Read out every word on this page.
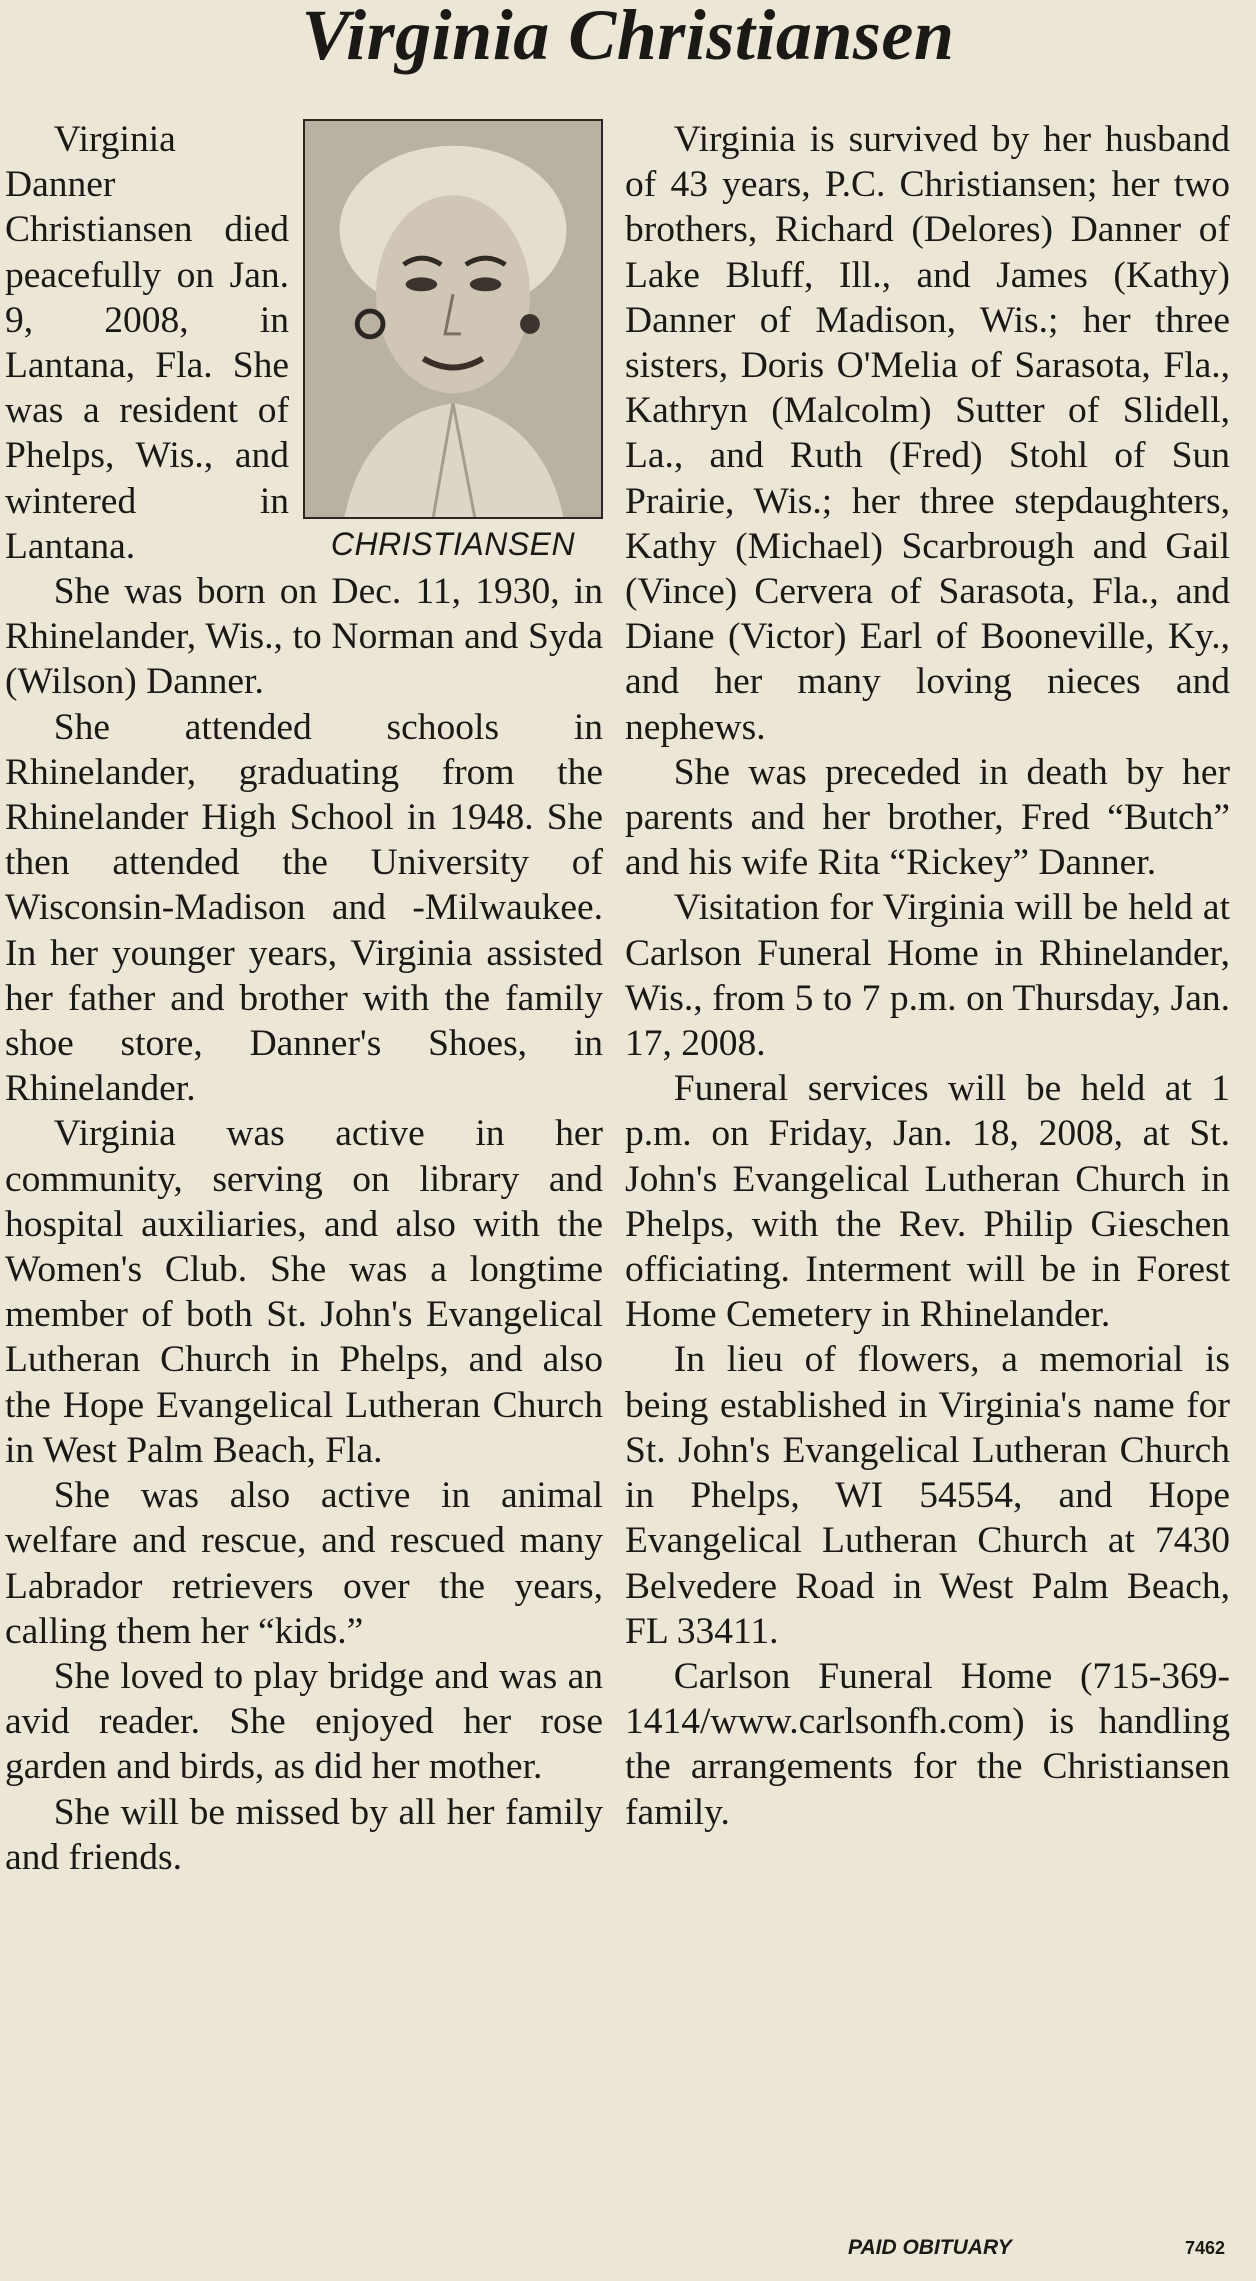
Virginia Christiansen
CHRISTIANSEN

Virginia Danner Christiansen died peacefully on Jan. 9, 2008, in Lantana, Fla. She was a resident of Phelps, Wis., and wintered in Lantana.

She was born on Dec. 11, 1930, in Rhinelander, Wis., to Norman and Syda (Wilson) Danner.

She attended schools in Rhinelander, graduating from the Rhinelander High School in 1948. She then attended the University of Wisconsin-Madison and -Milwaukee. In her younger years, Virginia assisted her father and brother with the family shoe store, Danner's Shoes, in Rhinelander.

Virginia was active in her community, serving on library and hospital auxiliaries, and also with the Women's Club. She was a longtime member of both St. John's Evangelical Lutheran Church in Phelps, and also the Hope Evangelical Lutheran Church in West Palm Beach, Fla.

She was also active in animal welfare and rescue, and rescued many Labrador retrievers over the years, calling them her “kids.”

She loved to play bridge and was an avid reader. She enjoyed her rose garden and birds, as did her mother.

She will be missed by all her family and friends.

Virginia is survived by her husband of 43 years, P.C. Christiansen; her two brothers, Richard (Delores) Danner of Lake Bluff, Ill., and James (Kathy) Danner of Madison, Wis.; her three sisters, Doris O'Melia of Sarasota, Fla., Kathryn (Malcolm) Sutter of Slidell, La., and Ruth (Fred) Stohl of Sun Prairie, Wis.; her three stepdaughters, Kathy (Michael) Scarbrough and Gail (Vince) Cervera of Sarasota, Fla., and Diane (Victor) Earl of Booneville, Ky., and her many loving nieces and nephews.

She was preceded in death by her parents and her brother, Fred “Butch” and his wife Rita “Rickey” Danner.

Visitation for Virginia will be held at Carlson Funeral Home in Rhinelander, Wis., from 5 to 7 p.m. on Thursday, Jan. 17, 2008.

Funeral services will be held at 1 p.m. on Friday, Jan. 18, 2008, at St. John's Evangelical Lutheran Church in Phelps, with the Rev. Philip Gieschen officiating. Interment will be in Forest Home Cemetery in Rhinelander.

In lieu of flowers, a memorial is being established in Virginia's name for St. John's Evangelical Lutheran Church in Phelps, WI 54554, and Hope Evangelical Lutheran Church at 7430 Belvedere Road in West Palm Beach, FL 33411.

Carlson Funeral Home (715-369-1414/www.carlsonfh.com) is handling the arrangements for the Christiansen family.

PAID OBITUARY	7462
